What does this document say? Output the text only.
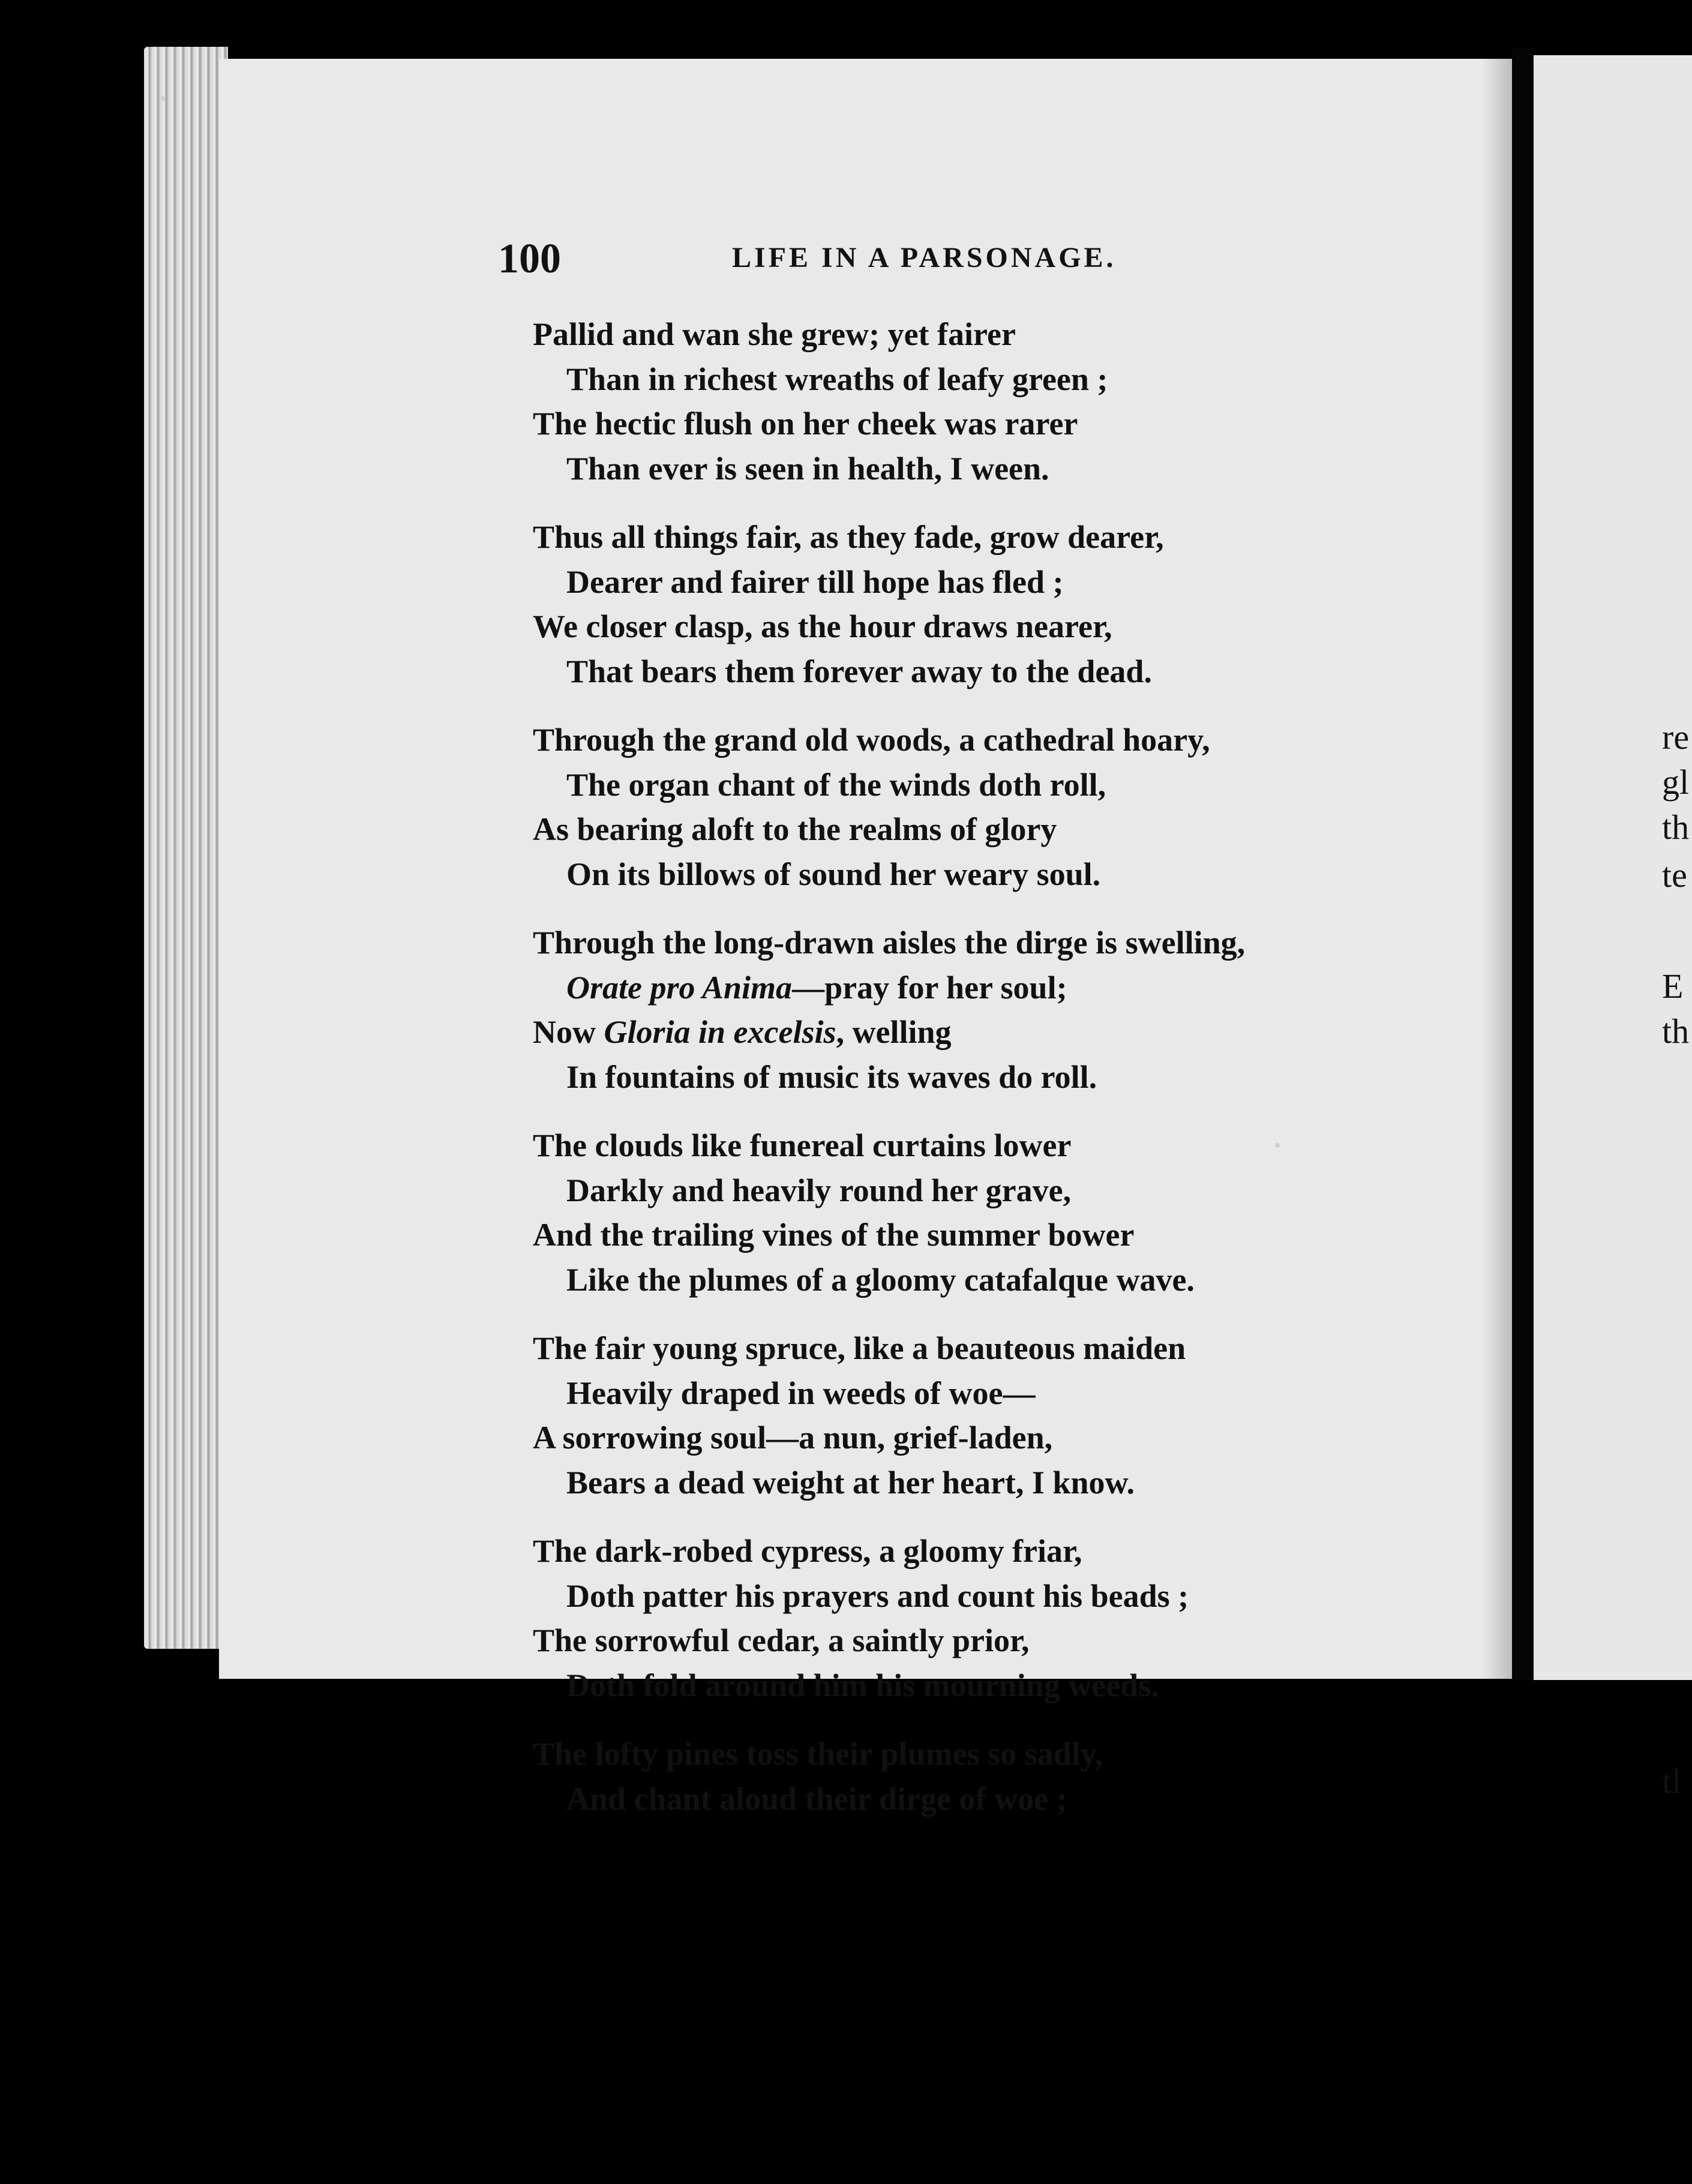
100	LIFE IN A PARSONAGE.
Pallid and wan she grew; yet fairer
Than in richest wreaths of leafy green ;
The hectic flush on her cheek was rarer
Than ever is seen in health, I ween.
Thus all things fair, as they fade, grow dearer,
Dearer and fairer till hope has fled ;
We closer clasp, as the hour draws nearer,
That bears them forever away to the dead.
Through the grand old woods, a cathedral hoary,
The organ chant of the winds doth roll,
As bearing aloft to the realms of glory
On its billows of sound her weary soul.
Through the long-drawn aisles the dirge is swelling,
Orate pro Anima—pray for her soul;
Now Gloria in excelsis, welling
In fountains of music its waves do roll.
The clouds like funereal curtains lower
Darkly and heavily round her grave,
And the trailing vines of the summer bower
Like the plumes of a gloomy catafalque wave.
The fair young spruce, like a beauteous maiden
Heavily draped in weeds of woe—
A sorrowing soul—a nun, grief-laden,
Bears a dead weight at her heart, I know.
The dark-robed cypress, a gloomy friar,
Doth patter his prayers and count his beads ;
The sorrowful cedar, a saintly prior,
Doth fold around him his mourning weeds.
The lofty pines toss their plumes so sadly,
And chant aloud their dirge of woe ;
re
gl
th
te
E
th
tl
